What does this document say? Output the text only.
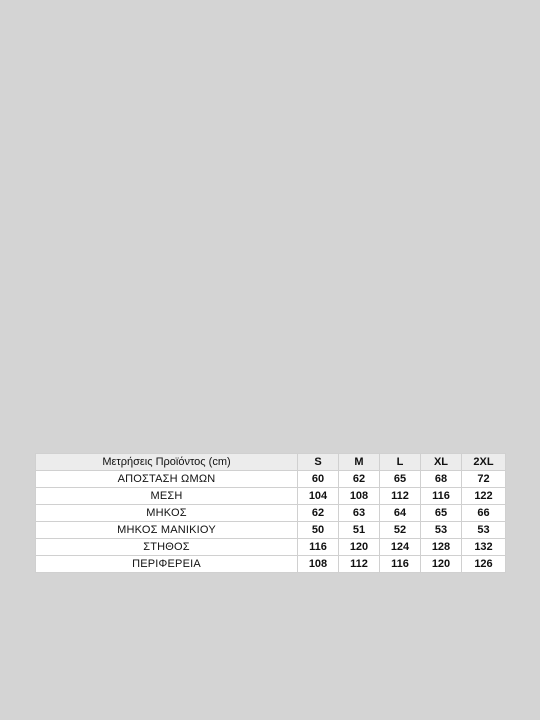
Μετρήσεις Προϊόντος (cm)	S	M	L	XL	2XL
ΑΠΟΣΤΑΣΗ ΩΜΩΝ	60	62	65	68	72
ΜΕΣΗ	104	108	112	116	122
ΜΗΚΟΣ	62	63	64	65	66
ΜΗΚΟΣ ΜΑΝΙΚΙΟΥ	50	51	52	53	53
ΣΤΗΘΟΣ	116	120	124	128	132
ΠΕΡΙΦΕΡΕΙΑ	108	112	116	120	126
